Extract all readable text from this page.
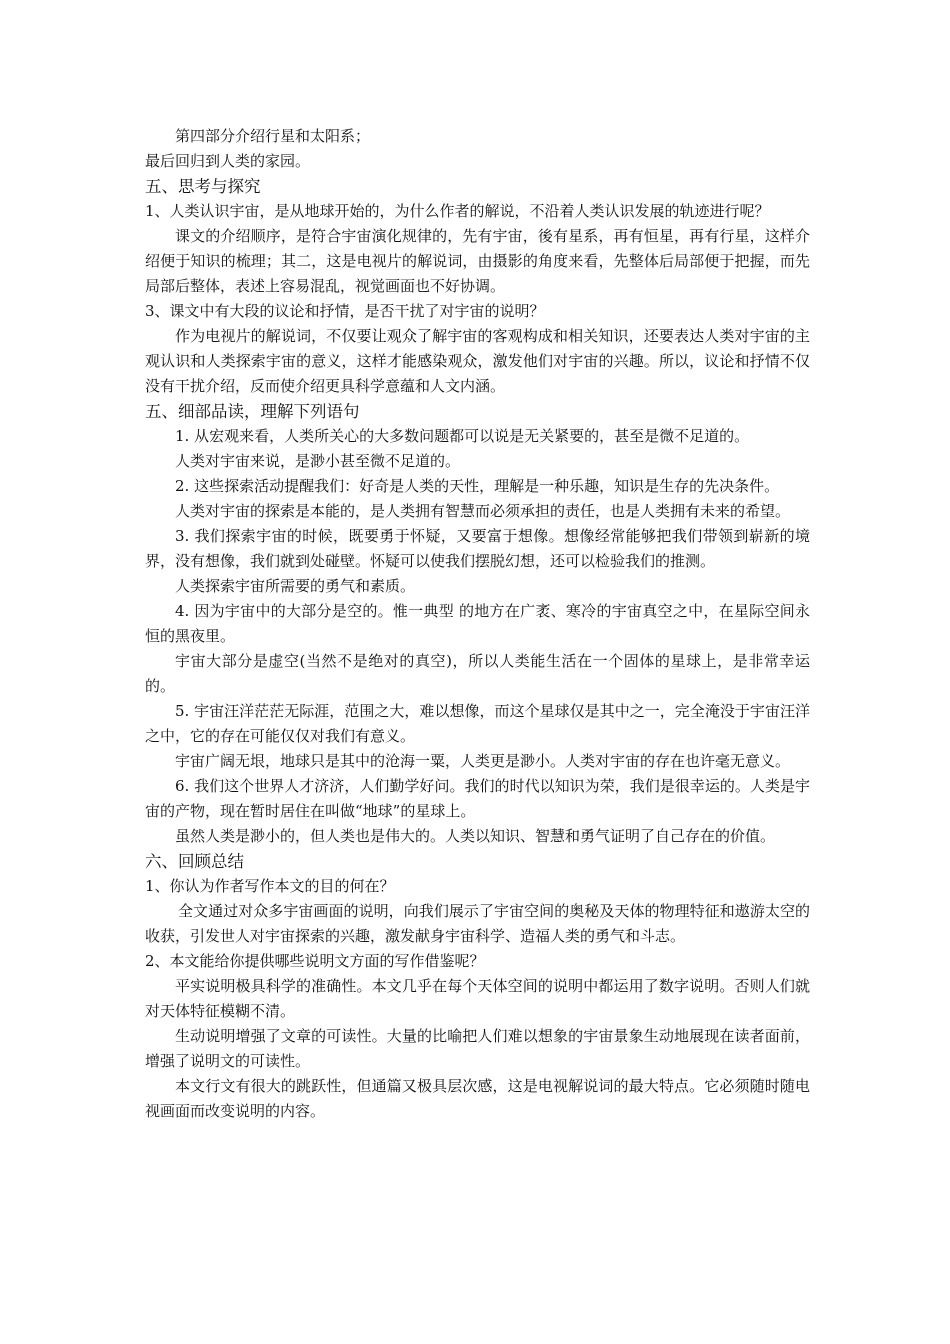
第四部分介绍行星和太阳系；

最后回归到人类的家园。

五、思考与探究

1、人类认识宇宙，是从地球开始的，为什么作者的解说，不沿着人类认识发展的轨迹进行呢？

课文的介绍顺序，是符合宇宙演化规律的，先有宇宙，後有星系，再有恒星，再有行星，这样介绍便于知识的梳理；其二，这是电视片的解说词，由摄影的角度来看，先整体后局部便于把握，而先局部后整体，表述上容易混乱，视觉画面也不好协调。

3、课文中有大段的议论和抒情，是否干扰了对宇宙的说明？

作为电视片的解说词，不仅要让观众了解宇宙的客观构成和相关知识，还要表达人类对宇宙的主观认识和人类探索宇宙的意义，这样才能感染观众，激发他们对宇宙的兴趣。所以，议论和抒情不仅没有干扰介绍，反而使介绍更具科学意蕴和人文内涵。

五、细部品读，理解下列语句

1. 从宏观来看，人类所关心的大多数问题都可以说是无关紧要的，甚至是微不足道的。

人类对宇宙来说，是渺小甚至微不足道的。

2. 这些探索活动提醒我们：好奇是人类的天性，理解是一种乐趣，知识是生存的先决条件。

人类对宇宙的探索是本能的，是人类拥有智慧而必须承担的责任，也是人类拥有未来的希望。

3. 我们探索宇宙的时候，既要勇于怀疑，又要富于想像。想像经常能够把我们带领到崭新的境界，没有想像，我们就到处碰壁。怀疑可以使我们摆脱幻想，还可以检验我们的推测。

人类探索宇宙所需要的勇气和素质。

4. 因为宇宙中的大部分是空的。惟一典型 的地方在广袤、寒冷的宇宙真空之中，在星际空间永恒的黑夜里。

宇宙大部分是虚空(当然不是绝对的真空)，所以人类能生活在一个固体的星球上，是非常幸运的。

5. 宇宙汪洋茫茫无际涯，范围之大，难以想像，而这个星球仅是其中之一，完全淹没于宇宙汪洋之中，它的存在可能仅仅对我们有意义。

宇宙广阔无垠，地球只是其中的沧海一粟，人类更是渺小。人类对宇宙的存在也许毫无意义。

6. 我们这个世界人才济济，人们勤学好问。我们的时代以知识为荣，我们是很幸运的。人类是宇宙的产物，现在暂时居住在叫做“地球”的星球上。

虽然人类是渺小的，但人类也是伟大的。人类以知识、智慧和勇气证明了自己存在的价值。

六、回顾总结

1、你认为作者写作本文的目的何在？

全文通过对众多宇宙画面的说明，向我们展示了宇宙空间的奥秘及天体的物理特征和遨游太空的收获，引发世人对宇宙探索的兴趣，激发献身宇宙科学、造福人类的勇气和斗志。

2、本文能给你提供哪些说明文方面的写作借鉴呢？

平实说明极具科学的准确性。本文几乎在每个天体空间的说明中都运用了数字说明。否则人们就对天体特征模糊不清。

生动说明增强了文章的可读性。大量的比喻把人们难以想象的宇宙景象生动地展现在读者面前，增强了说明文的可读性。

本文行文有很大的跳跃性，但通篇又极具层次感，这是电视解说词的最大特点。它必须随时随电视画面而改变说明的内容。
